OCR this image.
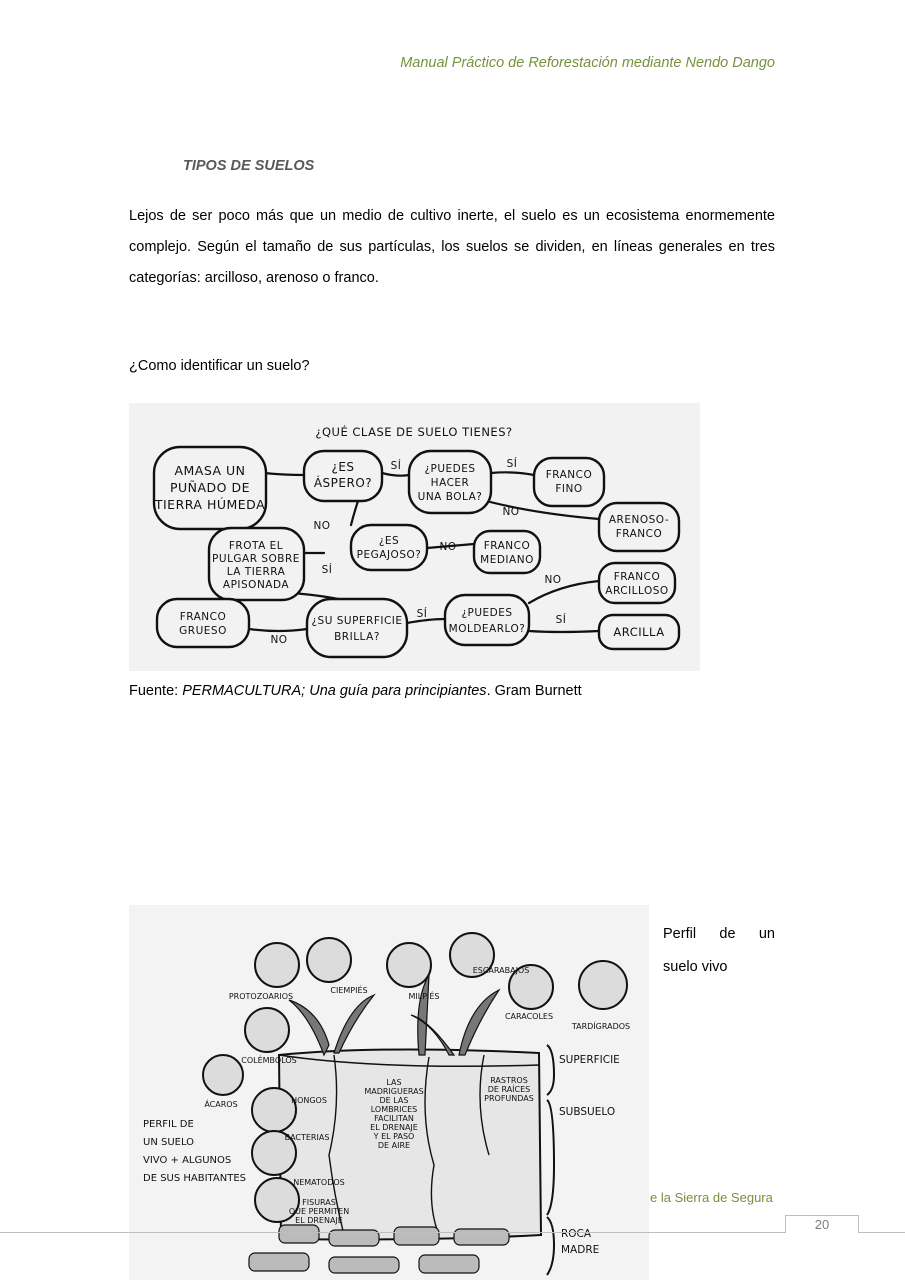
Manual Práctico de Reforestación mediante Nendo Dango
TIPOS DE SUELOS
Lejos de ser poco más que un medio de cultivo inerte, el suelo es un ecosistema enormemente complejo. Según el tamaño de sus partículas, los suelos se dividen, en líneas generales en tres categorías: arcilloso, arenoso o franco.
¿Como identificar un suelo?
¿QUÉ CLASE DE SUELO TIENES?
AMASA UN
PUÑADO DE
TIERRA HÚMEDA
¿ES
ÁSPERO?
¿PUEDES
HACER
UNA BOLA?
FRANCO
FINO
ARENOSO-
FRANCO
FROTA EL
PULGAR SOBRE
LA TIERRA
APISONADA
¿ES
PEGAJOSO?
FRANCO
MEDIANO
FRANCO
ARCILLOSO
FRANCO
GRUESO
¿SU SUPERFICIE
BRILLA?
¿PUEDES
MOLDEARLO?	ARCILLA
SÍ	SÍ
NO
NO
NO
SÍ
NO
SÍ
NO
SÍ
Fuente: PERMACULTURA; Una guía para principiantes. Gram Burnett
PROTOZOARIOS
CIEMPIÉS
MILPIÉS
ESCARABAJOS
CARACOLES
TARDÍGRADOS
COLÉMBOLOS
ÁCAROS	HONGOS
BACTERIAS
NEMATODOS
FISURAS
QUE PERMITEN
EL DRENAJE
LAS
MADRIGUERAS
DE LAS
LOMBRICES
FACILITAN
EL DRENAJE
Y EL PASO
DE AIRE
RASTROS
DE RAÍCES
PROFUNDAS
SUPERFICIE
SUBSUELO
ROCA
MADRE
PERFIL DE
UN SUELO
VIVO + ALGUNOS
DE SUS HABITANTES
Perfil de un
suelo vivo
e la Sierra de Segura
20
